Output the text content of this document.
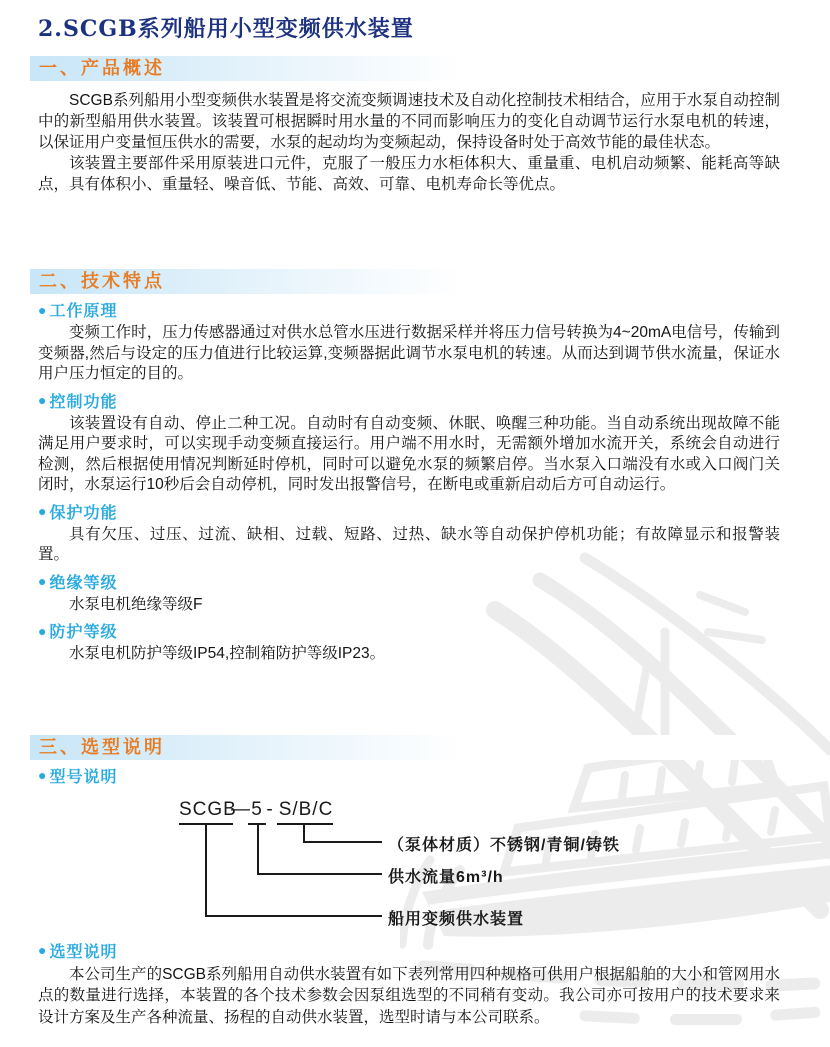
2.SCGB系列船用小型变频供水装置
一、产品概述

SCGB系列船用小型变频供水装置是将交流变频调速技术及自动化控制技术相结合，应用于水泵自动控制中的新型船用供水装置。该装置可根据瞬时用水量的不同而影响压力的变化自动调节运行水泵电机的转速，以保证用户变量恒压供水的需要，水泵的起动均为变频起动，保持设备时处于高效节能的最佳状态。

该装置主要部件采用原装进口元件，克服了一般压力水柜体积大、重量重、电机启动频繁、能耗高等缺点，具有体积小、重量轻、噪音低、节能、高效、可靠、电机寿命长等优点。

二、技术特点
● 工作原理

变频工作时，压力传感器通过对供水总管水压进行数据采样并将压力信号转换为4~20mA电信号，传输到变频器,然后与设定的压力值进行比较运算,变频器据此调节水泵电机的转速。从而达到调节供水流量，保证水用户压力恒定的目的。

● 控制功能

该装置设有自动、停止二种工况。自动时有自动变频、休眠、唤醒三种功能。当自动系统出现故障不能满足用户要求时，可以实现手动变频直接运行。用户端不用水时，无需额外增加水流开关，系统会自动进行检测，然后根据使用情况判断延时停机，同时可以避免水泵的频繁启停。当水泵入口端没有水或入口阀门关闭时，水泵运行10秒后会自动停机，同时发出报警信号，在断电或重新启动后方可自动运行。

● 保护功能

具有欠压、过压、过流、缺相、过载、短路、过热、缺水等自动保护停机功能；有故障显示和报警装置。

● 绝缘等级

水泵电机绝缘等级F

● 防护等级

水泵电机防护等级IP54,控制箱防护等级IP23。

三、选型说明
● 型号说明
SCGB
— 5 - S/B/C
（泵体材质）不锈钢/青铜/铸铁
供水流量6m³/h
船用变频供水装置
● 选型说明

本公司生产的SCGB系列船用自动供水装置有如下表列常用四种规格可供用户根据船舶的大小和管网用水点的数量进行选择，本装置的各个技术参数会因泵组选型的不同稍有变动。我公司亦可按用户的技术要求来设计方案及生产各种流量、扬程的自动供水装置，选型时请与本公司联系。
